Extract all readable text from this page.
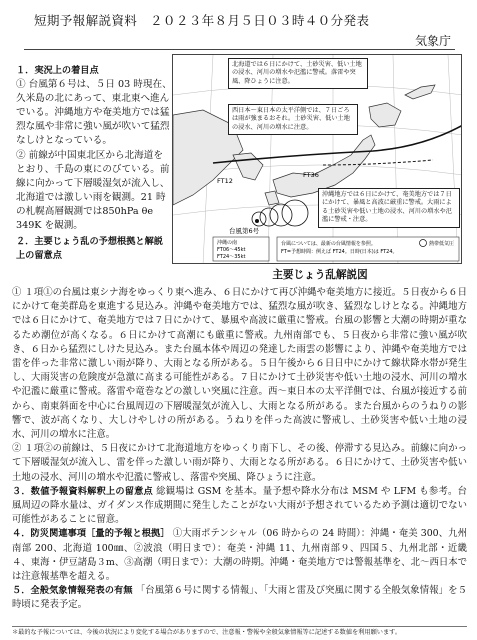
短期予報解説資料　２０２３年８月５日０３時４０分発表
気象庁
１．実況上の着目点

① 台風第６号は、５日 03 時現在、久米島の北にあって、東北東へ進んでいる。沖縄地方や奄美地方では猛烈な風や非常に強い風が吹いて猛烈なしけとなっている。

② 前線が中国東北区から北海道をとおり、千島の東にのびている。前線に向かって下層暖湿気が流入し、北海道では激しい雨を観測。21 時の札幌高層観測では850hPa θe 349K を観測。

２．主要じょう乱の予想根拠と解説上の留意点
FT12
FT36
台風第6号
沖縄の南
FT06～45kt
FT24～35kt
台風については、最新の台風情報を参照。
FT=予想時間：例えば FT24。日時(日本)は FT24。
熱帯低気圧
北海道では６日にかけて、土砂災害、低い土地の浸水、河川の増水や氾濫に警戒。落雷や突風、降ひょうに注意。
西日本～東日本の太平洋側では、７日ごろは雨が強まるおそれ。土砂災害、低い土地の浸水、河川の増水に注意。
沖縄地方では６日にかけて、奄美地方では７日にかけて、暴風と高波に厳重に警戒。大雨による土砂災害や低い土地の浸水、河川の増水や氾濫に警戒・注意。
主要じょう乱解説図

① １項①の台風は東シナ海をゆっくり東へ進み、６日にかけて再び沖縄や奄美地方に接近。５日夜から６日にかけて奄美群島を東進する見込み。沖縄や奄美地方では、猛烈な風が吹き、猛烈なしけとなる。沖縄地方では６日にかけて、奄美地方では７日にかけて、暴風や高波に厳重に警戒。台風の影響と大潮の時期が重なるため潮位が高くなる。６日にかけて高潮にも厳重に警戒。九州南部でも、５日夜から非常に強い風が吹き、６日から猛烈にしけた見込み。また台風本体や周辺の発達した雨雲の影響により、沖縄や奄美地方では雷を伴った非常に激しい雨が降り、大雨となる所がある。５日午後から６日日中にかけて線状降水帯が発生し、大雨災害の危険度が急激に高まる可能性がある。７日にかけて土砂災害や低い土地の浸水、河川の増水や氾濫に厳重に警戒。落雷や竜巻などの激しい突風に注意。西～東日本の太平洋側では、台風が接近する前から、南東斜面を中心に台風周辺の下層暖湿気が流入し、大雨となる所がある。また台風からのうねりの影響で、波が高くなり、大しけやしけの所がある。うねりを伴った高波に警戒し、土砂災害や低い土地の浸水、河川の増水に注意。

② １項②の前線は、５日夜にかけて北海道地方をゆっくり南下し、その後、停滞する見込み。前線に向かって下層暖湿気が流入し、雷を伴った激しい雨が降り、大雨となる所がある。６日にかけて、土砂災害や低い土地の浸水、河川の増水や氾濫に警戒し、落雷や突風、降ひょうに注意。

３．数値予報資料解釈上の留意点 総観場は GSM を基本。量予想や降水分布は MSM や LFM も参考。台風周辺の降水量は、ガイダンス作成期間に発生したことがない大雨が予想されているため予測は適切でない可能性があることに留意。

４．防災関連事項［量的予報と根拠］ ①大雨ポテンシャル（06 時からの 24 時間）：沖縄・奄美 300、九州南部 200、北海道 100㎜、②波浪（明日まで）：奄美・沖縄 11、九州南部９、四国５、九州北部・近畿４、東海・伊豆諸島３m、③高潮（明日まで）：大潮の時期。沖縄・奄美地方では警報基準を、北～西日本では注意報基準を超える。

５．全般気象情報発表の有無 「台風第６号に関する情報」、「大雨と雷及び突風に関する全般気象情報」を５時頃に発表予定。

＊最的な予報については、今後の状況により変化する場合がありますので、注意報・警報や全般気象情報等に記述する数値を利用願います。
